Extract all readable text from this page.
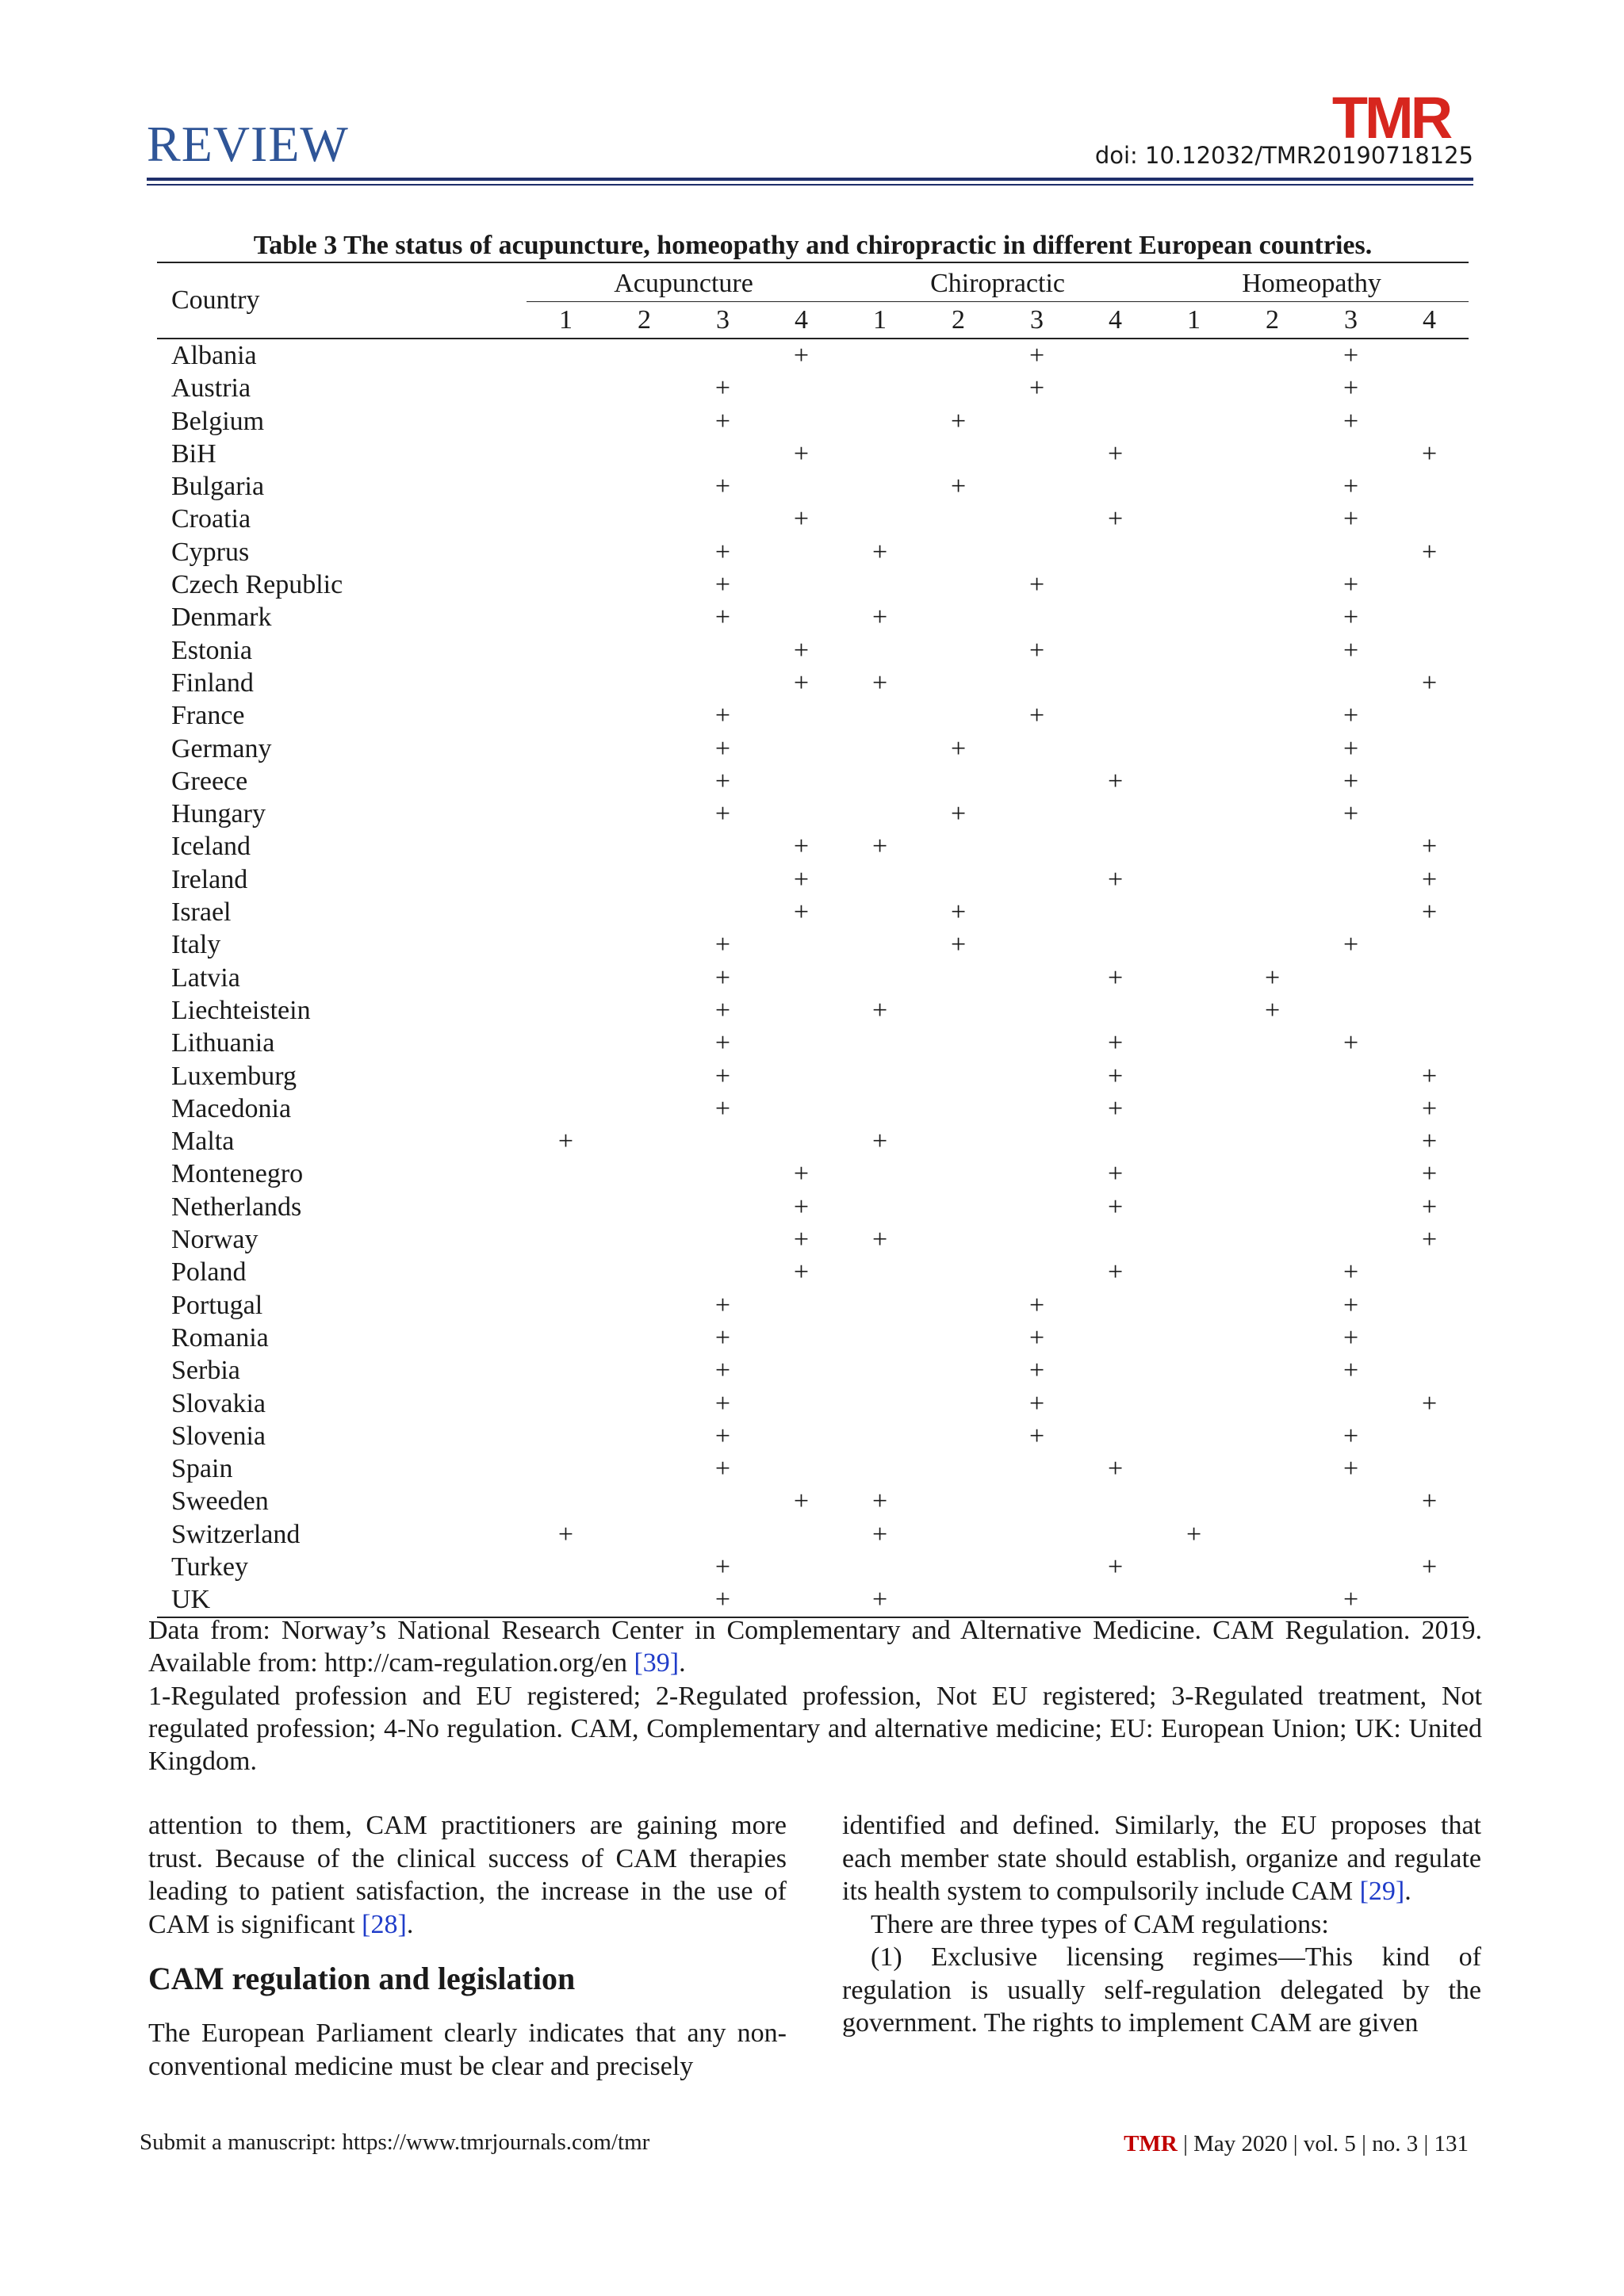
REVIEW	TMR
doi: 10.12032/TMR20190718125
Table 3 The status of acupuncture, homeopathy and chiropractic in different European countries.
Country	Acupuncture				Chiropractic				Homeopathy			
	1	2	3	4	1	2	3	4	1	2	3	4
Albania				+			+				+	
Austria			+				+				+	
Belgium			+			+					+	
BiH				+				+				+
Bulgaria			+			+					+	
Croatia				+				+			+	
Cyprus			+		+							+
Czech Republic			+				+				+	
Denmark			+		+						+	
Estonia				+			+				+	
Finland				+	+							+
France			+				+				+	
Germany			+			+					+	
Greece			+					+			+	
Hungary			+			+					+	
Iceland				+	+							+
Ireland				+				+				+
Israel				+		+						+
Italy			+			+					+	
Latvia			+					+		+		
Liechteistein			+		+					+		
Lithuania			+					+			+	
Luxemburg			+					+				+
Macedonia			+					+				+
Malta	+				+							+
Montenegro				+				+				+
Netherlands				+				+				+
Norway				+	+							+
Poland				+				+			+	
Portugal			+				+				+	
Romania			+				+				+	
Serbia			+				+				+	
Slovakia			+				+					+
Slovenia			+				+				+	
Spain			+					+			+	
Sweeden				+	+							+
Switzerland	+				+				+			
Turkey			+					+				+
UK			+		+						+	
Data from: Norway’s National Research Center in Complementary and Alternative Medicine. CAM Regulation. 2019. Available from: http://cam-regulation.org/en [39].
1-Regulated profession and EU registered; 2-Regulated profession, Not EU registered; 3-Regulated treatment, Not regulated profession; 4-No regulation. CAM, Complementary and alternative medicine; EU: European Union; UK: United Kingdom.

attention to them, CAM practitioners are gaining more trust. Because of the clinical success of CAM therapies leading to patient satisfaction, the increase in the use of CAM is significant [28].

CAM regulation and legislation

The European Parliament clearly indicates that any non-conventional medicine must be clear and precisely

identified and defined. Similarly, the EU proposes that each member state should establish, organize and regulate its health system to compulsorily include CAM [29].

There are three types of CAM regulations:

(1) Exclusive licensing regimes—This kind of regulation is usually self-regulation delegated by the government. The rights to implement CAM are given

Submit a manuscript: https://www.tmrjournals.com/tmr	TMR | May 2020 | vol. 5 | no. 3 | 131
